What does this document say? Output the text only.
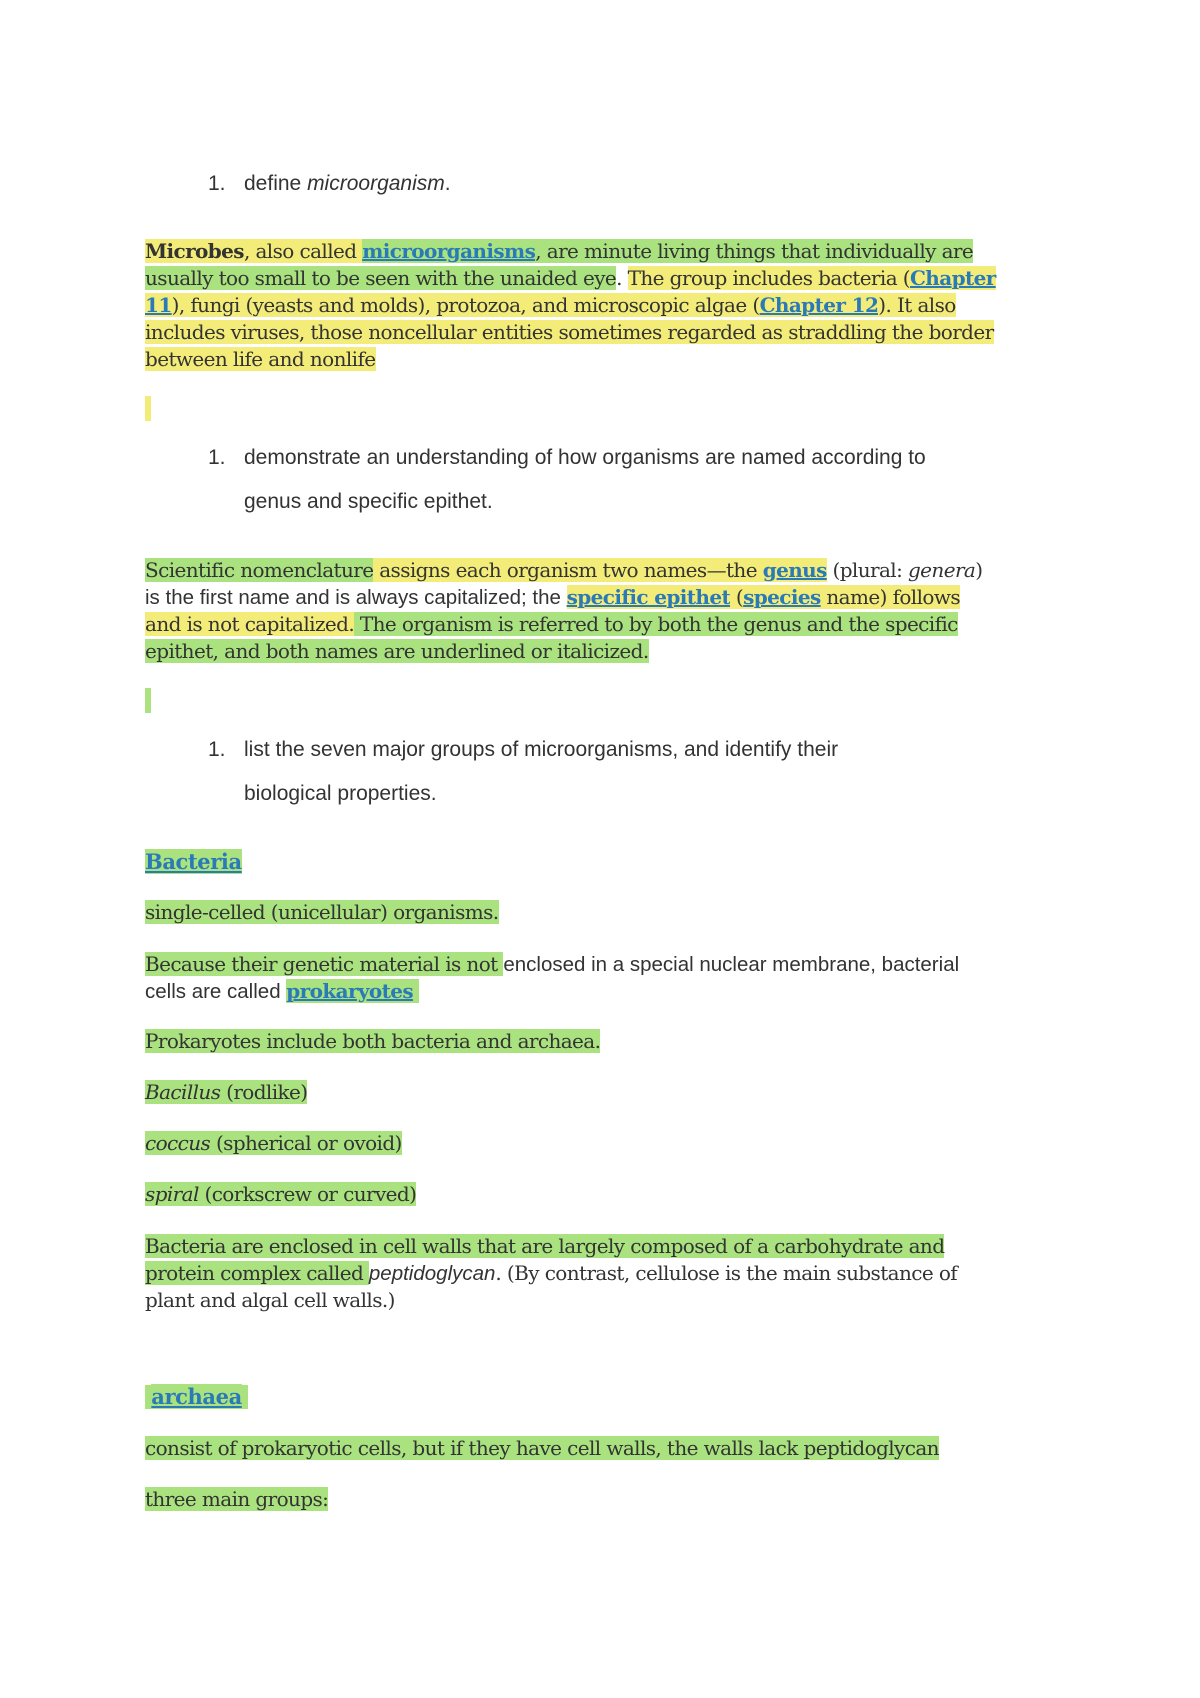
1. define microorganism.
Microbes, also called microorganisms, are minute living things that individually are
usually too small to be seen with the unaided eye. The group includes bacteria (Chapter
11), fungi (yeasts and molds), protozoa, and microscopic algae (Chapter 12). It also
includes viruses, those noncellular entities sometimes regarded as straddling the border
between life and nonlife
1. demonstrate an understanding of how organisms are named according to
genus and specific epithet.
Scientific nomenclature assigns each organism two names—the genus (plural: genera)
is the first name and is always capitalized; the specific epithet (species name) follows
and is not capitalized. The organism is referred to by both the genus and the specific
epithet, and both names are underlined or italicized.
1. list the seven major groups of microorganisms, and identify their
biological properties.
Bacteria
single-celled (unicellular) organisms.
Because their genetic material is not enclosed in a special nuclear membrane, bacterial
cells are called prokaryotes
Prokaryotes include both bacteria and archaea.
Bacillus (rodlike)
coccus (spherical or ovoid)
spiral (corkscrew or curved)
Bacteria are enclosed in cell walls that are largely composed of a carbohydrate and
protein complex called peptidoglycan. (By contrast, cellulose is the main substance of
plant and algal cell walls.)
archaea
consist of prokaryotic cells, but if they have cell walls, the walls lack peptidoglycan
three main groups:
